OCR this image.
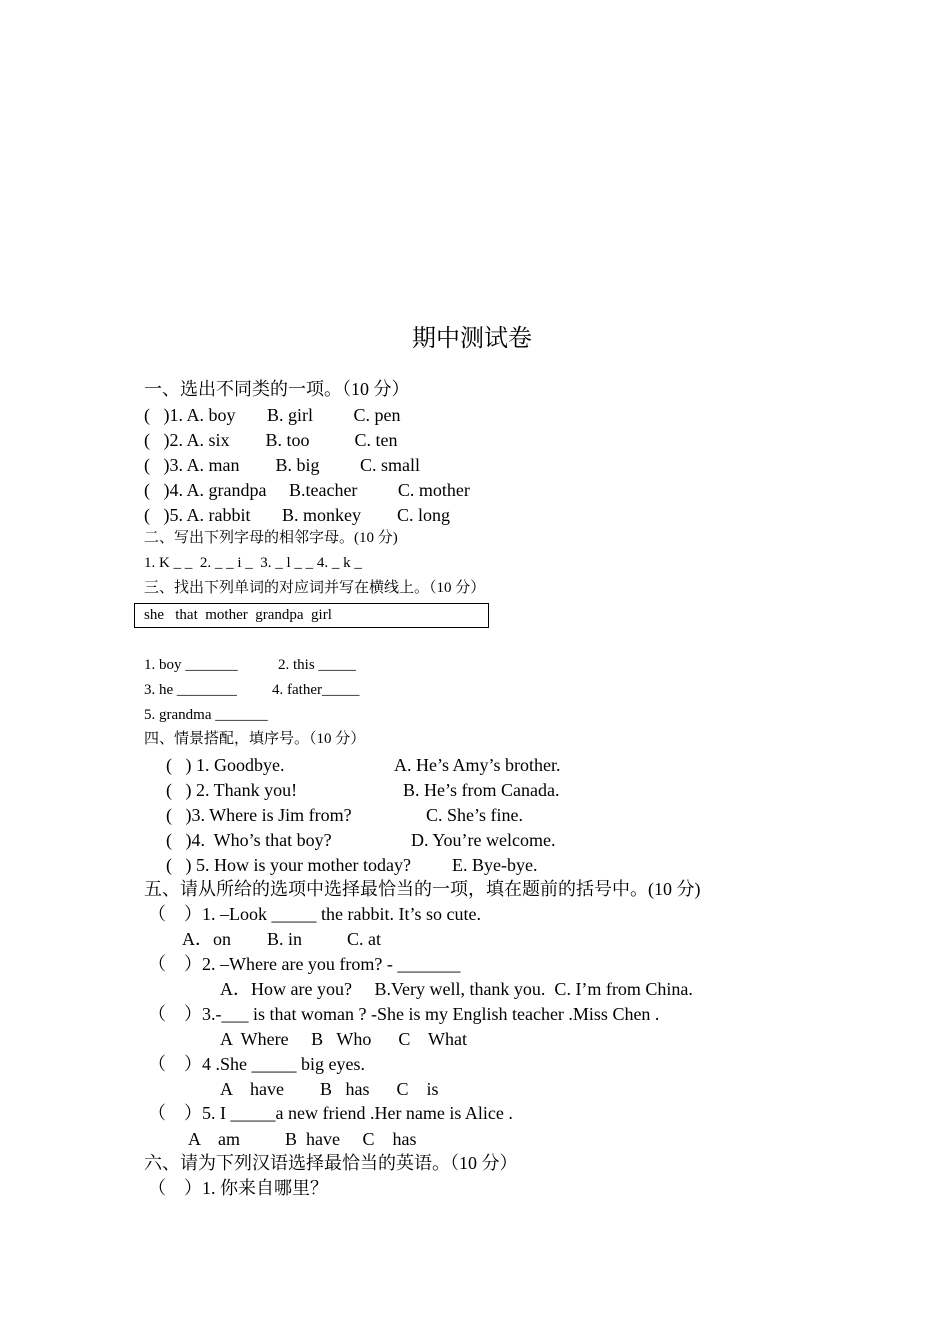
期中测试卷
一、选出不同类的一项。（10 分）
(   )1. A. boy       B. girl         C. pen
(   )2. A. six        B. too          C. ten
(   )3. A. man        B. big         C. small
(   )4. A. grandpa     B.teacher         C. mother
(   )5. A. rabbit       B. monkey        C. long
二、写出下列字母的相邻字母。(10 分)
1. K _ _  2. _ _ i _  3. _ l _ _ 4. _ k _
三、找出下列单词的对应词并写在横线上。（10 分）
she   that  mother  grandpa  girl
1. boy _______	2. this _____
3. he ________ 4. father_____
5. grandma _______
四、情景搭配，填序号。（10 分）
(   ) 1. Goodbye.	A. He’s Amy’s brother.
(   ) 2. Thank you!	B. He’s from Canada.
(   )3. Where is Jim from?	C. She’s fine.
(   )4.  Who’s that boy?	D. You’re welcome.
(   ) 5. How is your mother today? E. Bye-bye.
五、请从所给的选项中选择最恰当的一项，填在题前的括号中。(10 分)
（    ）1. –Look _____ the rabbit. It’s so cute.
A．on        B. in          C. at
（    ）2. –Where are you from? - _______
A．How are you?     B.Very well, thank you.  C. I’m from China.
（    ）3.-___ is that woman ? -She is my English teacher .Miss Chen .
A  Where     B   Who      C    What
（    ）4 .She _____ big eyes.
A    have        B   has      C    is
（    ）5. I _____a new friend .Her name is Alice .
A    am          B  have     C    has
六、请为下列汉语选择最恰当的英语。（10 分）
（    ）1. 你来自哪里？
